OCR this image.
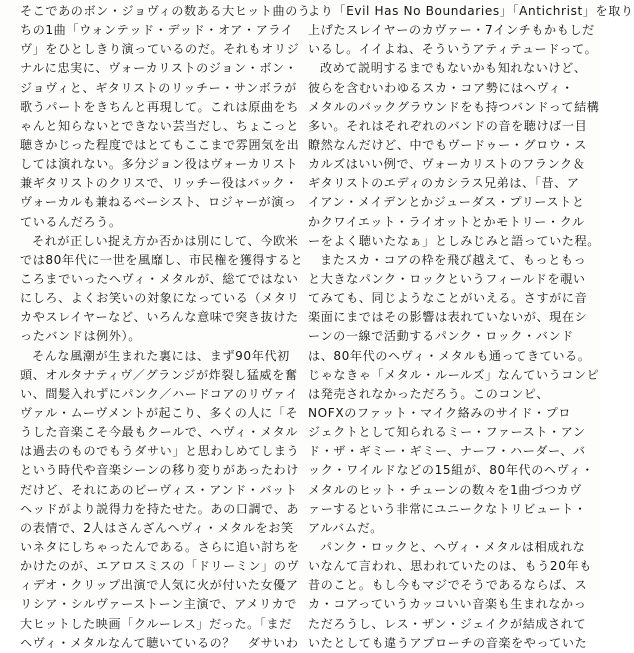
そこであのボン・ジョヴィの数ある大ヒット曲のう
ちの1曲「ウォンテッド・デッド・オア・アライ
ヴ」をひとしきり演っているのだ。それもオリジ
ナルに忠実に、ヴォーカリストのジョン・ボン・
ジョヴィと、ギタリストのリッチー・サンボラが
歌うパートをきちんと再現して。これは原曲をち
ゃんと知らないとできない芸当だし、ちょこっと
聴きかじった程度ではとてもここまで雰囲気を出
しては演れない。多分ジョン役はヴォーカリスト
兼ギタリストのクリスで、リッチー役はバック・
ヴォーカルも兼ねるベーシスト、ロジャーが演っ
ているんだろう。
それが正しい捉え方か否かは別にして、今欧米
では80年代に一世を風靡し、市民権を獲得すると
ころまでいったヘヴィ・メタルが、総てではない
にしろ、よくお笑いの対象になっている（メタリ
カやスレイヤーなど、いろんな意味で突き抜けた
ったバンドは例外）。
そんな風潮が生まれた裏には、まず90年代初
頭、オルタナティヴ／グランジが炸裂し猛威を奮
い、間髪入れずにパンク／ハードコアのリヴァイ
ヴァル・ムーヴメントが起こり、多くの人に「そ
うした音楽こそ今最もクールで、ヘヴィ・メタル
は過去のものでもうダサい」と思わしめてしまう
という時代や音楽シーンの移り変りがあったわけ
だけど、それにあのビーヴィス・アンド・バット
ヘッドがより説得力を持たせた。あの口調で、あ
の表情で、2人はさんざんヘヴィ・メタルをお笑
いネタにしちゃったんである。さらに追い討ちを
かけたのが、エアロスミスの「ドリーミン」のヴ
ィデオ・クリップ出演で人気に火が付いた女優ア
リシア・シルヴァーストーン主演で、アメリカで
大ヒットした映画「クルーレス」だった。「まだ
ヘヴィ・メタルなんて聴いているの？　ダサいわ
より「Evil Has No Boundaries」「Antichrist」を取り
上げたスレイヤーのカヴァー・7インチもかもしだ
いるし。イイよね、そういうアティテュードって。
改めて説明するまでもないかも知れないけど、
彼らを含むいわゆるスカ・コア勢にはヘヴィ・
メタルのバックグラウンドをも持つバンドって結構
多い。それはそれぞれのバンドの音を聴けば一目
瞭然なんだけど、中でもヴードゥー・グロウ・ス
カルズはいい例で、ヴォーカリストのフランク＆
ギタリストのエディのカシラス兄弟は、「昔、ア
イアン・メイデンとかジューダス・プリーストと
かクワイエット・ライオットとかモトリー・クル
ーをよく聴いたなぁ」としみじみと語っていた程。
またスカ・コアの枠を飛び越えて、もっともっ
と大きなパンク・ロックというフィールドを覗い
てみても、同じようなことがいえる。さすがに音
楽面にまではその影響は表れていないが、現在シ
ーンの一線で活動するパンク・ロック・バンド
は、80年代のヘヴィ・メタルも通ってきている。
じゃなきゃ「メタル・ルールズ」なんていうコンピ
は発売されなかっただろう。このコンピ、
NOFXのファット・マイク絡みのサイド・プロ
ジェクトとして知られるミー・ファースト・アン
ド・ザ・ギミー・ギミー、ナーフ・ハーダー、バ
ック・ワイルドなどの15組が、80年代のヘヴィ・
メタルのヒット・チューンの数々を1曲づつカヴ
ァーするという非常にユニークなトリビュート・
アルバムだ。
パンク・ロックと、ヘヴィ・メタルは相成れな
いなんて言われ、思われていたのは、もう20年も
昔のこと。もし今もマジでそうであるならば、ス
カ・コアっていうカッコいい音楽も生まれなかっ
ただろうし、レス・ザン・ジェイクが結成されて
いたとしても違うアプローチの音楽をやっていた
